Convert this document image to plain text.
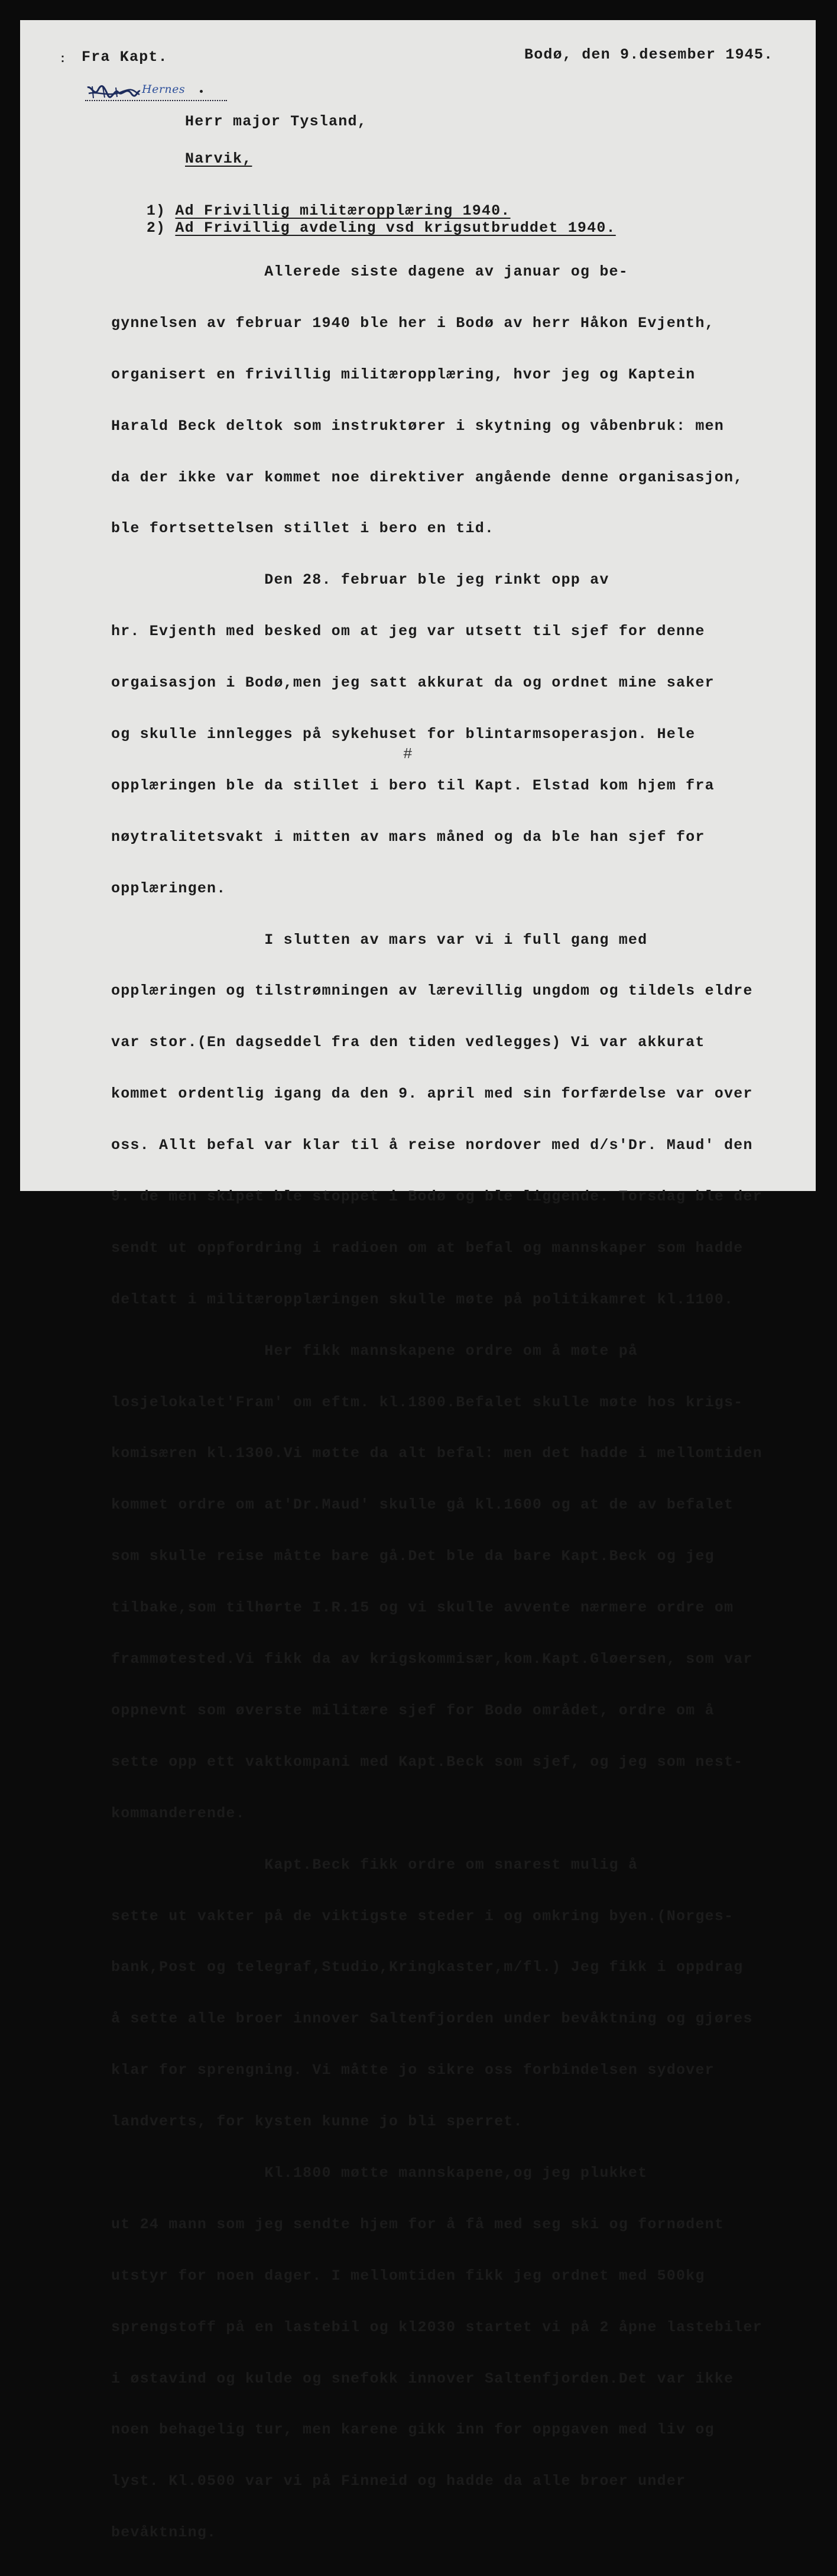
: Fra Kapt.	Bodø, den 9.desember 1945.
Hernes
Herr major Tysland,
Narvik,

1) Ad Frivillig militæropplæring 1940.

2) Ad Frivillig avdeling vsd krigsutbruddet 1940.

#

Allerede siste dagene av januar og be-

gynnelsen av februar 1940 ble her i Bodø av herr Håkon Evjenth,

organisert en frivillig militæropplæring, hvor jeg og Kaptein

Harald Beck deltok som instruktører i skytning og våbenbruk: men

da der ikke var kommet noe direktiver angående denne organisasjon,

ble fortsettelsen stillet i bero en tid.

Den 28. februar ble jeg rinkt opp av

hr. Evjenth med besked om at jeg var utsett til sjef for denne

orgaisasjon i Bodø,men jeg satt akkurat da og ordnet mine saker

og skulle innlegges på sykehuset for blintarmsoperasjon. Hele

opplæringen ble da stillet i bero til Kapt. Elstad kom hjem fra

nøytralitetsvakt i mitten av mars måned og da ble han sjef for

opplæringen.

I slutten av mars var vi i full gang med

opplæringen og tilstrømningen av lærevillig ungdom og tildels eldre

var stor.(En dagseddel fra den tiden vedlegges) Vi var akkurat

kommet ordentlig igang da den 9. april med sin forfærdelse var over

oss. Allt befal var klar til å reise nordover med d/s'Dr. Maud' den

9. de men skipet ble stoppet i Bodø og ble liggende. Torsdag ble der

sendt ut oppfordring i radioen om at befal og mannskaper som hadde

deltatt i militæropplæringen skulle møte på politikamret kl.1100.

Her fikk mannskapene ordre om å møte på

losjelokalet'Fram' om eftm. kl.1800.Befalet skulle møte hos krigs-

komisæren kl.1300.Vi møtte da alt befal: men det hadde i mellomtiden

kommet ordre om at'Dr.Maud' skulle gå kl.1600 og at de av befalet

som skulle reise måtte bare gå.Det ble da bare Kapt.Beck og jeg

tilbake,som tilhørte I.R.15 og vi skulle avvente nærmere ordre om

frammøtested.Vi fikk da av krigskommisær,kom.Kapt.Gløersen, som var

oppnevnt som øverste militære sjef for Bodø området, ordre om å

sette opp ett vaktkompani med Kapt.Beck som sjef, og jeg som nest-

kommanderende.

Kapt.Beck fikk ordre om snarest mulig å

sette ut vakter på de viktigste steder i og omkring byen.(Norges-

bank,Post og telegraf,Studio,Kringkaster,m/fl.) Jeg fikk i oppdrag

å sette alle broer innover Saltenfjorden under bevåktning og gjøres

klar for sprengning. Vi måtte jo sikre oss forbindelsen sydover

landverts, for kysten kunne jo bli sperret.

Kl.1800 møtte mannskapene,og jeg plukket

ut 24 mann som jeg sendte hjem for å få med seg ski og fornødent

utstyr for noen dager. I mellomtiden fikk jeg ordnet med 500kg

sprengstoff på en lastebil og kl2030 startet vi på 2 åpne lastebiler

i østavind og kulde og snefokk innover Saltenfjorden.Det var ikke

noen behagelig tur, men karene gikk inn for oppgaven med liv og

lyst. Kl.0500 var vi på Finneid og hadde da alle broer under

bevåktning.
